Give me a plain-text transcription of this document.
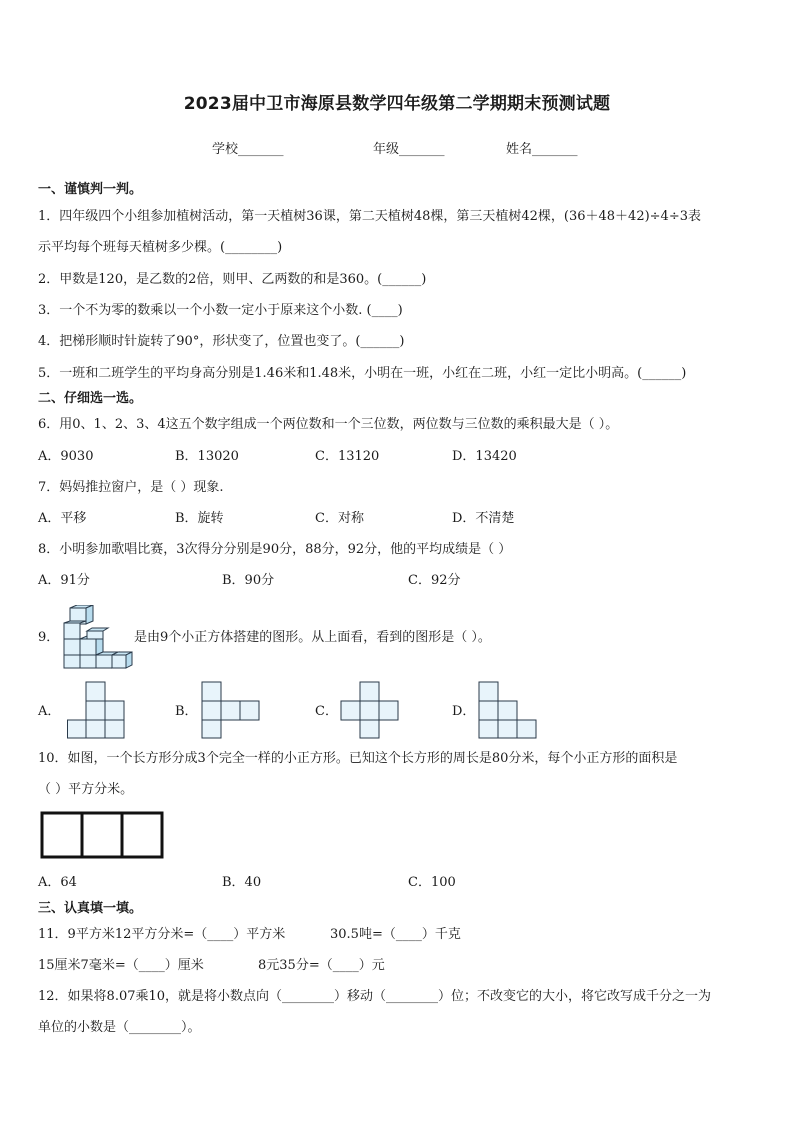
2023届中卫市海原县数学四年级第二学期期末预测试题
学校_______	年级_______	姓名_______
一、谨慎判一判。
1．四年级四个小组参加植树活动，第一天植树36课，第二天植树48棵，第三天植树42棵，(36＋48＋42)÷4÷3表
示平均每个班每天植树多少棵。(________)
2．甲数是120，是乙数的2倍，则甲、乙两数的和是360。(______)
3．一个不为零的数乘以一个小数一定小于原来这个小数. (____)
4．把梯形顺时针旋转了90°，形状变了，位置也变了。(______)
5．一班和二班学生的平均身高分别是1.46米和1.48米，小明在一班，小红在二班，小红一定比小明高。(______)
二、仔细选一选。
6．用0、1、2、3、4这五个数字组成一个两位数和一个三位数，两位数与三位数的乘积最大是（ ）。
A．9030	B．13020	C．13120	D．13420
7．妈妈推拉窗户，是（ ）现象.
A．平移	B．旋转	C．对称	D．不清楚
8．小明参加歌唱比赛，3次得分分别是90分，88分，92分，他的平均成绩是（ ）
A．91分	B．90分	C．92分
9．	是由9个小正方体搭建的图形。从上面看，看到的图形是（ ）。
A．	B．	C．	D．
10．如图，一个长方形分成3个完全一样的小正方形。已知这个长方形的周长是80分米，每个小正方形的面积是
（ ）平方分米。
A．64	B．40	C．100
三、认真填一填。
11．9平方米12平方分米=（____）平方米	30.5吨=（____）千克
15厘米7毫米=（____）厘米	8元35分=（____）元
12．如果将8.07乘10，就是将小数点向（________）移动（________）位；不改变它的大小，将它改写成千分之一为
单位的小数是（________）。
